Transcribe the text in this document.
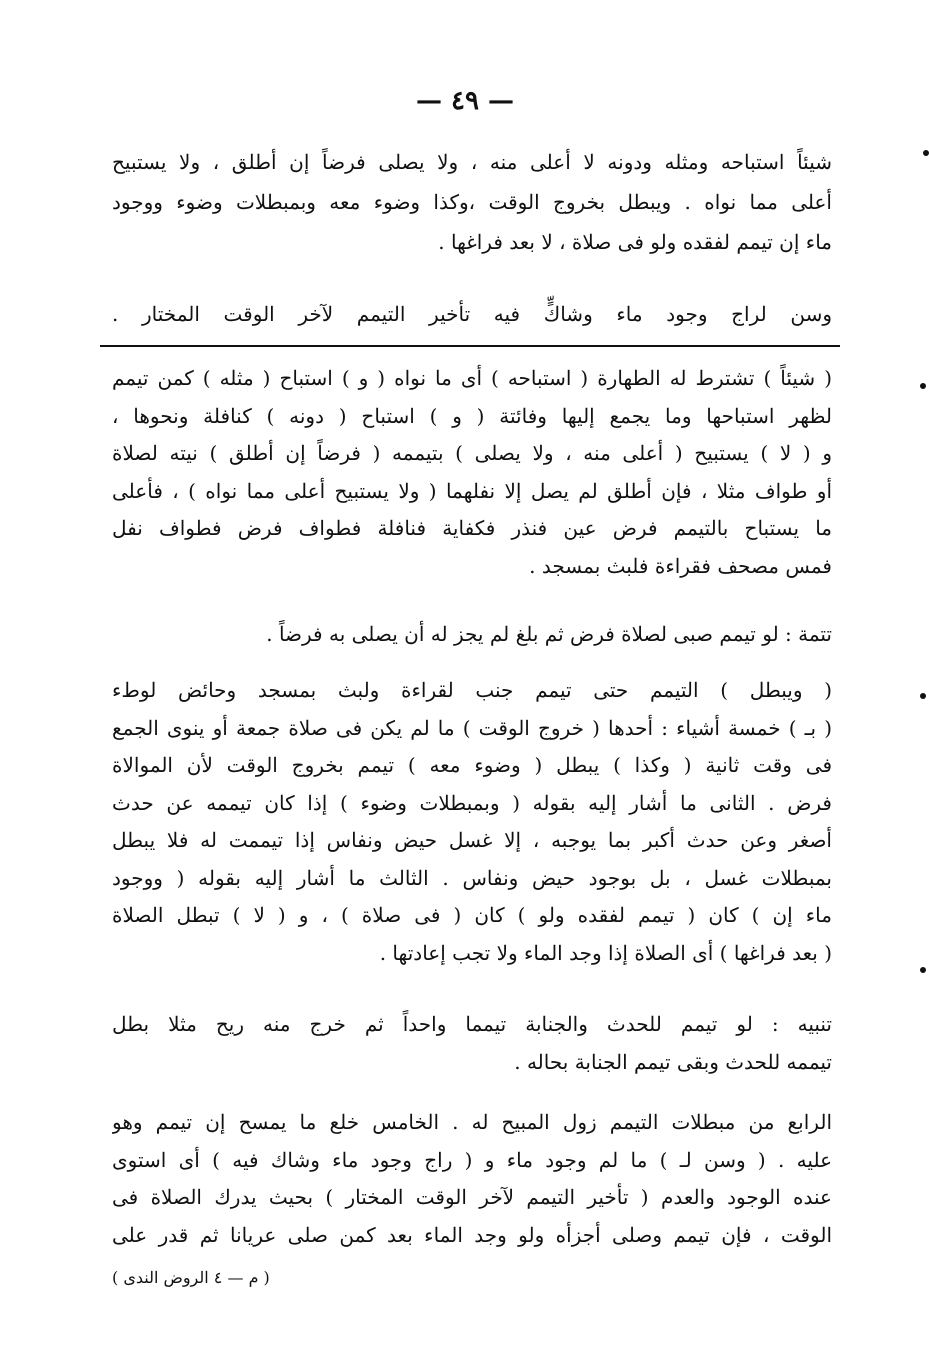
— ٤٩ —
شيئاً استباحه ومثله ودونه لا أعلى منه ، ولا يصلى فرضاً إن أطلق ، ولا يستبيح
أعلى مما نواه . ويبطل بخروج الوقت ،وكذا وضوء معه وبمبطلات وضوء ووجود
ماء إن تيمم لفقده ولو فى صلاة ، لا بعد فراغها .
وسن لراج وجود ماء وشاكٍّ فيه تأخير التيمم لآخر الوقت المختار .
( شيئاً ) تشترط له الطهارة ( استباحه ) أى ما نواه ( و ) استباح ( مثله ) كمن تيمم
لظهر استباحها وما يجمع إليها وفائتة ( و ) استباح ( دونه ) كنافلة ونحوها ،
و ( لا ) يستبيح ( أعلى منه ، ولا يصلى ) بتيممه ( فرضاً إن أطلق ) نيته لصلاة
أو طواف مثلا ، فإن أطلق لم يصل إلا نفلهما ( ولا يستبيح أعلى مما نواه ) ، فأعلى
ما يستباح بالتيمم فرض عين فنذر فكفاية فنافلة فطواف فرض فطواف نفل
فمس مصحف فقراءة فلبث بمسجد .
تتمة : لو تيمم صبى لصلاة فرض ثم بلغ لم يجز له أن يصلى به فرضاً .
( ويبطل ) التيمم حتى تيمم جنب لقراءة ولبث بمسجد وحائض لوطء
( بـ ) خمسة أشياء : أحدها ( خروج الوقت ) ما لم يكن فى صلاة جمعة أو ينوى الجمع
فى وقت ثانية ( وكذا ) يبطل ( وضوء معه ) تيمم بخروج الوقت لأن الموالاة
فرض . الثانى ما أشار إليه بقوله ( وبمبطلات وضوء ) إذا كان تيممه عن حدث
أصغر وعن حدث أكبر بما يوجبه ، إلا غسل حيض ونفاس إذا تيممت له فلا يبطل
بمبطلات غسل ، بل بوجود حيض ونفاس . الثالث ما أشار إليه بقوله ( ووجود
ماء إن ) كان ( تيمم لفقده ولو ) كان ( فى صلاة ) ، و ( لا ) تبطل الصلاة
( بعد فراغها ) أى الصلاة إذا وجد الماء ولا تجب إعادتها .
تنبيه : لو تيمم للحدث والجنابة تيمما واحداً ثم خرج منه ريح مثلا بطل
تيممه للحدث وبقى تيمم الجنابة بحاله .
الرابع من مبطلات التيمم زول المبيح له . الخامس خلع ما يمسح إن تيمم وهو
عليه . ( وسن لـ ) ما لم وجود ماء و ( راج وجود ماء وشاك فيه ) أى استوى
عنده الوجود والعدم ( تأخير التيمم لآخر الوقت المختار ) بحيث يدرك الصلاة فى
الوقت ، فإن تيمم وصلى أجزأه ولو وجد الماء بعد كمن صلى عريانا ثم قدر على
( م — ٤ الروض الندى )
